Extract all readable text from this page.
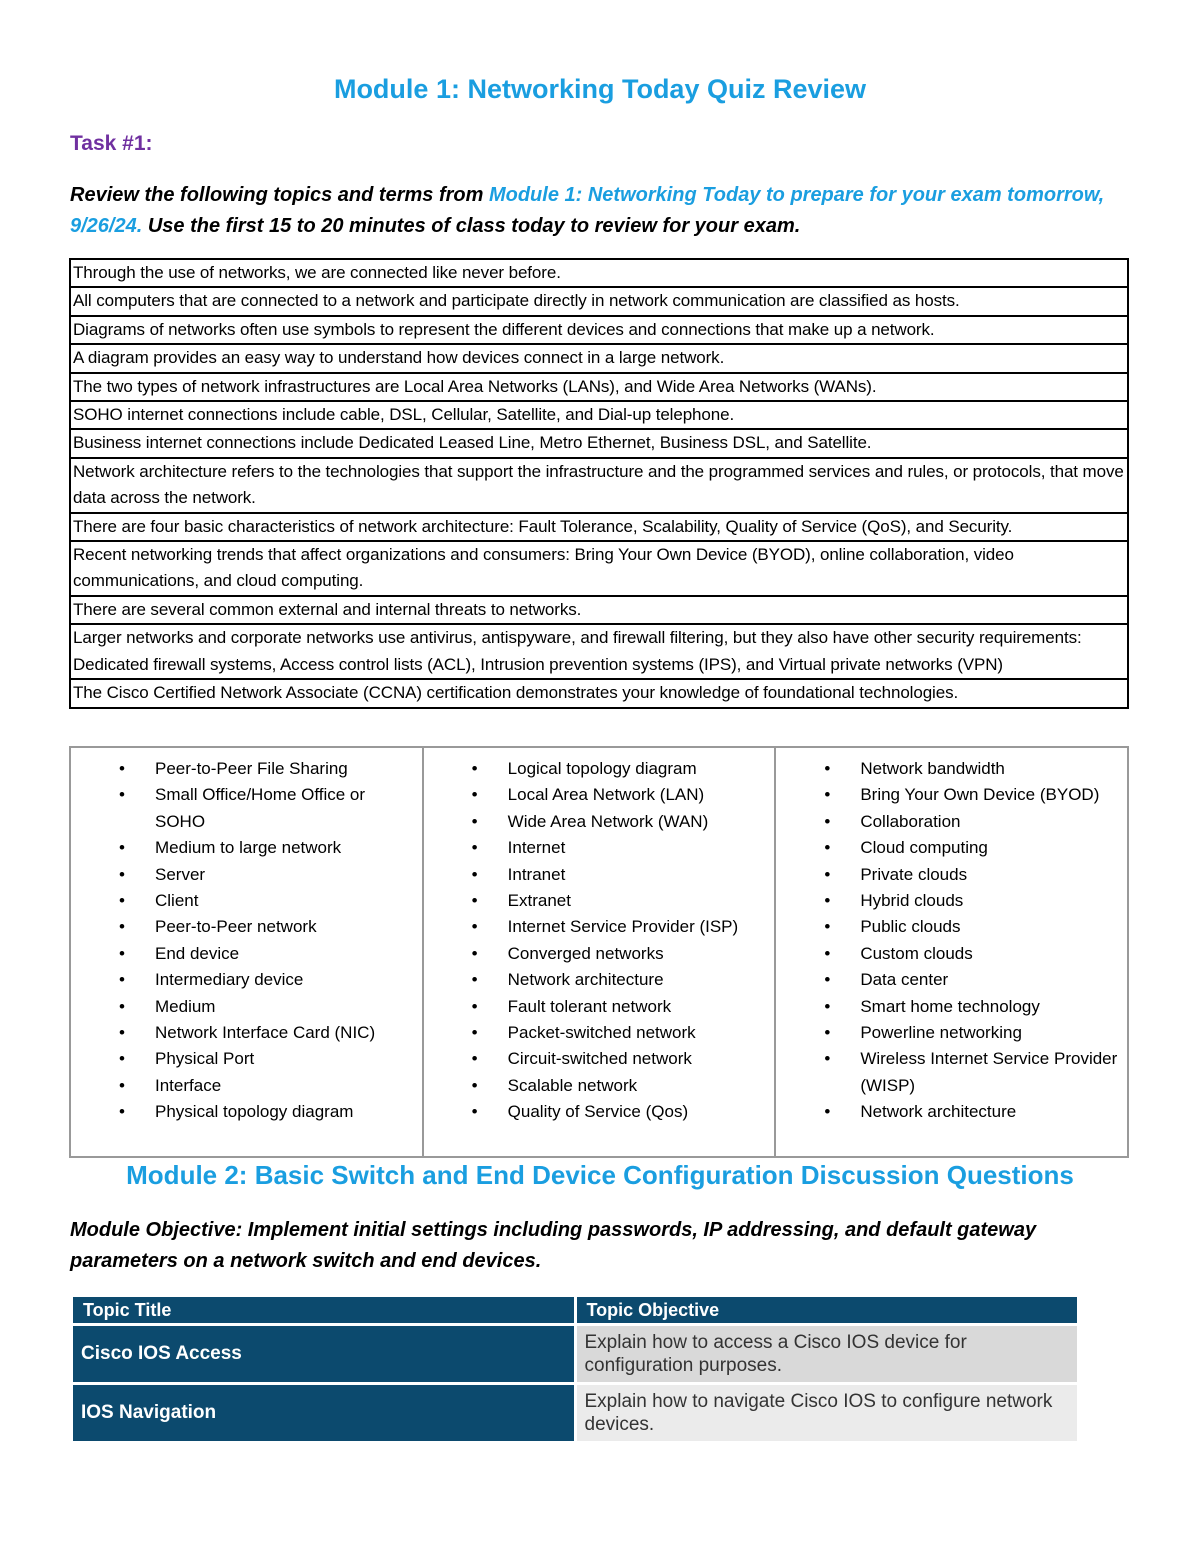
Module 1: Networking Today Quiz Review

Task #1:

Review the following topics and terms from Module 1: Networking Today to prepare for your exam tomorrow, 9/26/24. Use the first 15 to 20 minutes of class today to review for your exam.

Through the use of networks, we are connected like never before.
All computers that are connected to a network and participate directly in network communication are classified as hosts.
Diagrams of networks often use symbols to represent the different devices and connections that make up a network.
A diagram provides an easy way to understand how devices connect in a large network.
The two types of network infrastructures are Local Area Networks (LANs), and Wide Area Networks (WANs).
SOHO internet connections include cable, DSL, Cellular, Satellite, and Dial-up telephone.
Business internet connections include Dedicated Leased Line, Metro Ethernet, Business DSL, and Satellite.
Network architecture refers to the technologies that support the infrastructure and the programmed services and rules, or protocols, that move data across the network.
There are four basic characteristics of network architecture: Fault Tolerance, Scalability, Quality of Service (QoS), and Security.
Recent networking trends that affect organizations and consumers: Bring Your Own Device (BYOD), online collaboration, video communications, and cloud computing.
There are several common external and internal threats to networks.
Larger networks and corporate networks use antivirus, antispyware, and firewall filtering, but they also have other security requirements: Dedicated firewall systems, Access control lists (ACL), Intrusion prevention systems (IPS), and Virtual private networks (VPN)
The Cisco Certified Network Associate (CCNA) certification demonstrates your knowledge of foundational technologies.
• Peer-to-Peer File Sharing
• Small Office/Home Office or SOHO
• Medium to large network
• Server
• Client
• Peer-to-Peer network
• End device
• Intermediary device
• Medium
• Network Interface Card (NIC)
• Physical Port
• Interface
• Physical topology diagram

• Logical topology diagram
• Local Area Network (LAN)
• Wide Area Network (WAN)
• Internet
• Intranet
• Extranet
• Internet Service Provider (ISP)
• Converged networks
• Network architecture
• Fault tolerant network
• Packet-switched network
• Circuit-switched network
• Scalable network
• Quality of Service (Qos)

• Network bandwidth
• Bring Your Own Device (BYOD)
• Collaboration
• Cloud computing
• Private clouds
• Hybrid clouds
• Public clouds
• Custom clouds
• Data center
• Smart home technology
• Powerline networking
• Wireless Internet Service Provider (WISP)
• Network architecture
Module 2: Basic Switch and End Device Configuration Discussion Questions

Module Objective: Implement initial settings including passwords, IP addressing, and default gateway parameters on a network switch and end devices.

Topic Title	Topic Objective
Cisco IOS Access	Explain how to access a Cisco IOS device for configuration purposes.
IOS Navigation	Explain how to navigate Cisco IOS to configure network devices.
